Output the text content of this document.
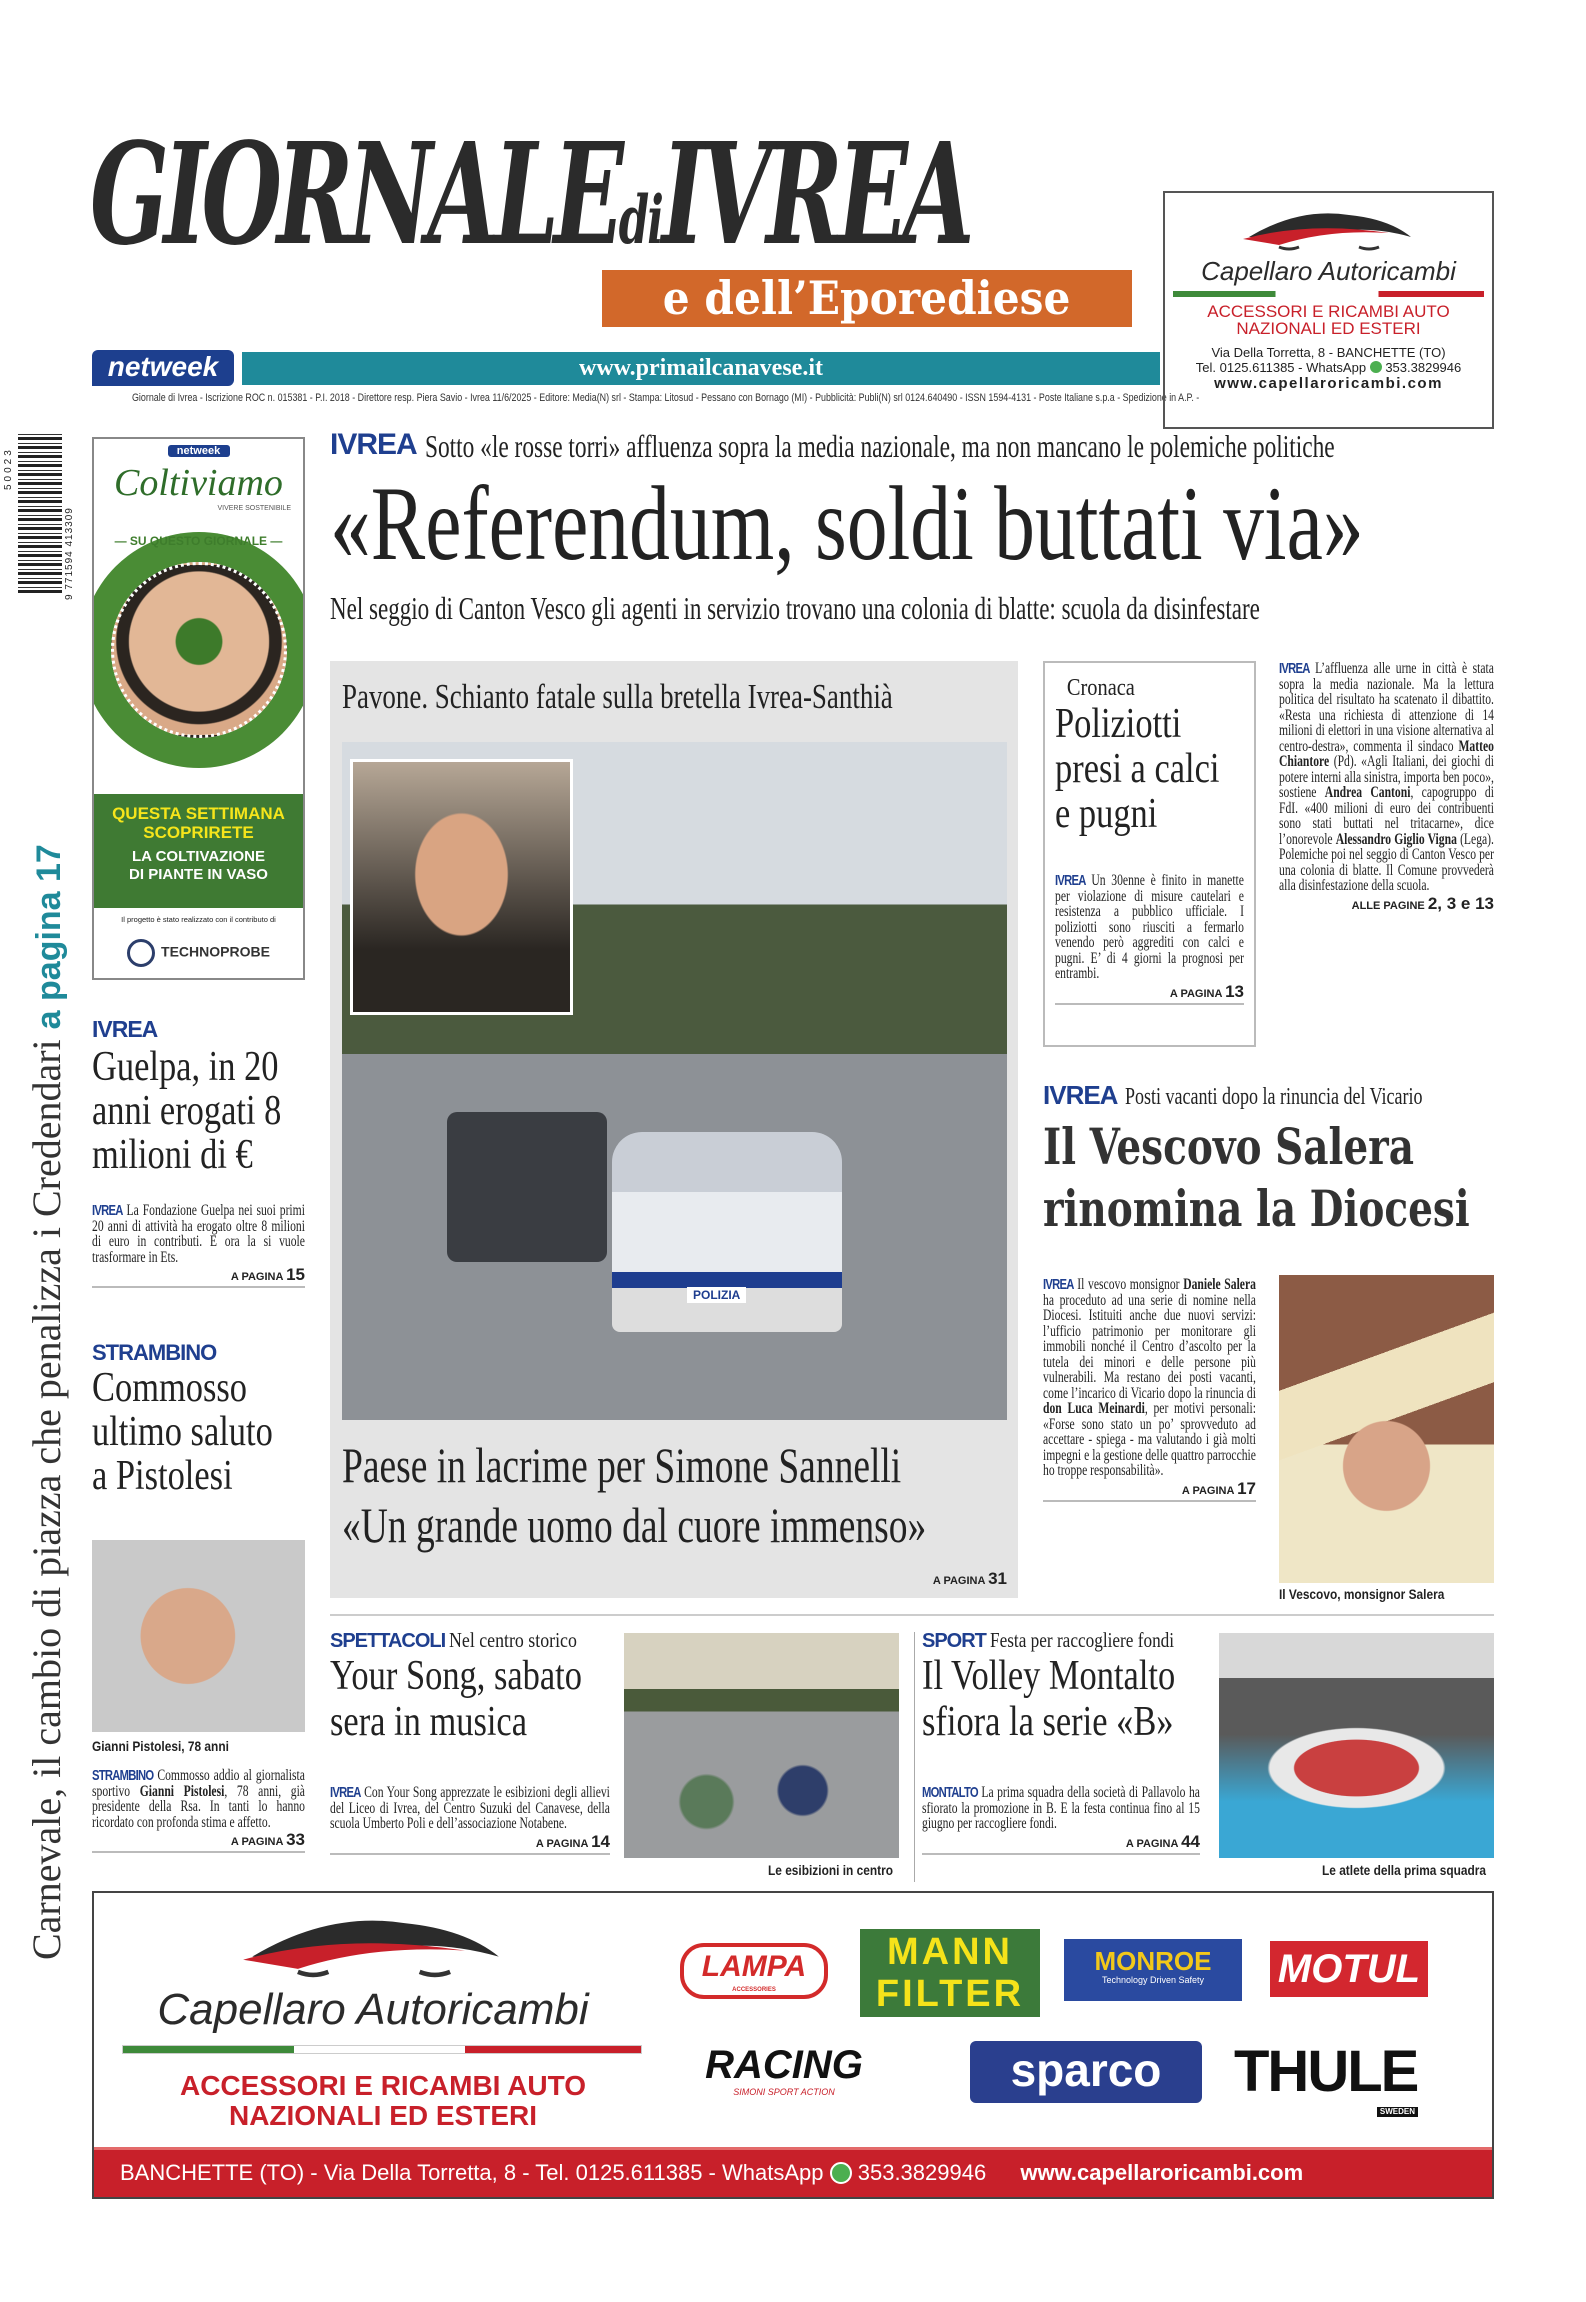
GIORNALEdiIVREA
e dell’Eporediese
netweek	www.primailcanavese.it
Giornale di Ivrea - Iscrizione ROC n. 015381 - P.I. 2018 - Direttore resp. Piera Savio - Ivrea 11/6/2025 - Editore: Media(N) srl - Stampa: Litosud - Pessano con Bornago (MI) - Pubblicità: Publi(N) srl 0124.640490 - ISSN 1594-4131 - Poste Italiane s.p.a - Spedizione in A.P. -
Capellaro Autoricambi
ACCESSORI E RICAMBI AUTO
NAZIONALI ED ESTERI
Via Della Torretta, 8 - BANCHETTE (TO)
Tel. 0125.611385 - WhatsApp 353.3829946
www.capellaroricambi.com
50023
9 771594 413309
Carnevale, il cambio di piazza che penalizza i Credendari a pagina 17
netweek
Coltiviamo
VIVERE SOSTENIBILE
— SU QUESTO GIORNALE —
QUESTA SETTIMANA
SCOPRIRETE
LA COLTIVAZIONE
DI PIANTE IN VASO
Il progetto è stato realizzato con il contributo di
TECHNOPROBE
IVREA
Guelpa, in 20 anni erogati 8 milioni di €
IVREA La Fondazione Guelpa nei suoi primi 20 anni di attività ha erogato oltre 8 milioni di euro in contributi. E ora la si vuole trasformare in Ets.
A PAGINA 15
STRAMBINO
Commosso ultimo saluto a Pistolesi
Gianni Pistolesi, 78 anni
STRAMBINO Commosso addio al giornalista sportivo Gianni Pistolesi, 78 anni, già presidente della Rsa. In tanti lo hanno ricordato con profonda stima e affetto.
A PAGINA 33
IVREA Sotto «le rosse torri» affluenza sopra la media nazionale, ma non mancano le polemiche politiche
«Referendum, soldi buttati via»
Nel seggio di Canton Vesco gli agenti in servizio trovano una colonia di blatte: scuola da disinfestare
Pavone. Schianto fatale sulla bretella Ivrea-Santhià
POLIZIA
Paese in lacrime per Simone Sannelli
«Un grande uomo dal cuore immenso»
A PAGINA 31
Cronaca
Poliziotti presi a calci e pugni
IVREA Un 30enne è finito in manette per violazione di misure cautelari e resistenza a pubblico ufficiale. I poliziotti sono riusciti a fermarlo venendo però aggrediti con calci e pugni. E’ di 4 giorni la prognosi per entrambi.
A PAGINA 13
IVREA L’affluenza alle urne in città è stata sopra la media nazionale. Ma la lettura politica del risultato ha scatenato il dibattito. «Resta una richiesta di attenzione di 14 milioni di elettori in una visione alternativa al centro-destra», commenta il sindaco Matteo Chiantore (Pd). «Agli Italiani, dei giochi di potere interni alla sinistra, importa ben poco», sostiene Andrea Cantoni, capogruppo di FdI. «400 milioni di euro dei contribuenti sono stati buttati nel tritacarne», dice l’onorevole Alessandro Giglio Vigna (Lega). Polemiche poi nel seggio di Canton Vesco per una colonia di blatte. Il Comune provvederà alla disinfestazione della scuola.
ALLE PAGINE 2, 3 e 13
IVREA Posti vacanti dopo la rinuncia del Vicario
Il Vescovo Salera
rinomina la Diocesi
IVREA Il vescovo monsignor Daniele Salera ha proceduto ad una serie di nomine nella Diocesi. Istituiti anche due nuovi servizi: l’ufficio patrimonio per monitorare gli immobili nonché il Centro d’ascolto per la tutela dei minori e delle persone più vulnerabili. Ma restano dei posti vacanti, come l’incarico di Vicario dopo la rinuncia di don Luca Meinardi, per motivi personali: «Forse sono stato un po’ sprovveduto ad accettare - spiega - ma valutando i già molti impegni e la gestione delle quattro parrocchie ho troppe responsabilità».
A PAGINA 17
Il Vescovo, monsignor Salera
SPETTACOLI Nel centro storico
Your Song, sabato sera in musica
IVREA Con Your Song apprezzate le esibizioni degli allievi del Liceo di Ivrea, del Centro Suzuki del Canavese, della scuola Umberto Poli e dell’associazione Notabene.
A PAGINA 14
Le esibizioni in centro
SPORT Festa per raccogliere fondi
Il Volley Montalto sfiora la serie «B»
MONTALTO La prima squadra della società di Pallavolo ha sfiorato la promozione in B. E la festa continua fino al 15 giugno per raccogliere fondi.
A PAGINA 44
Le atlete della prima squadra
Capellaro Autoricambi
ACCESSORI E RICAMBI AUTO
NAZIONALI ED ESTERI
LAMPA
ACCESSORIES
MANN
FILTER
MONROE
Technology Driven Safety	MOTUL
RACING
SIMONI SPORT ACTION	sparco	THULE
SWEDEN
BANCHETTE (TO) - Via Della Torretta, 8 - Tel. 0125.611385 - WhatsApp 353.3829946 www.capellaroricambi.com
